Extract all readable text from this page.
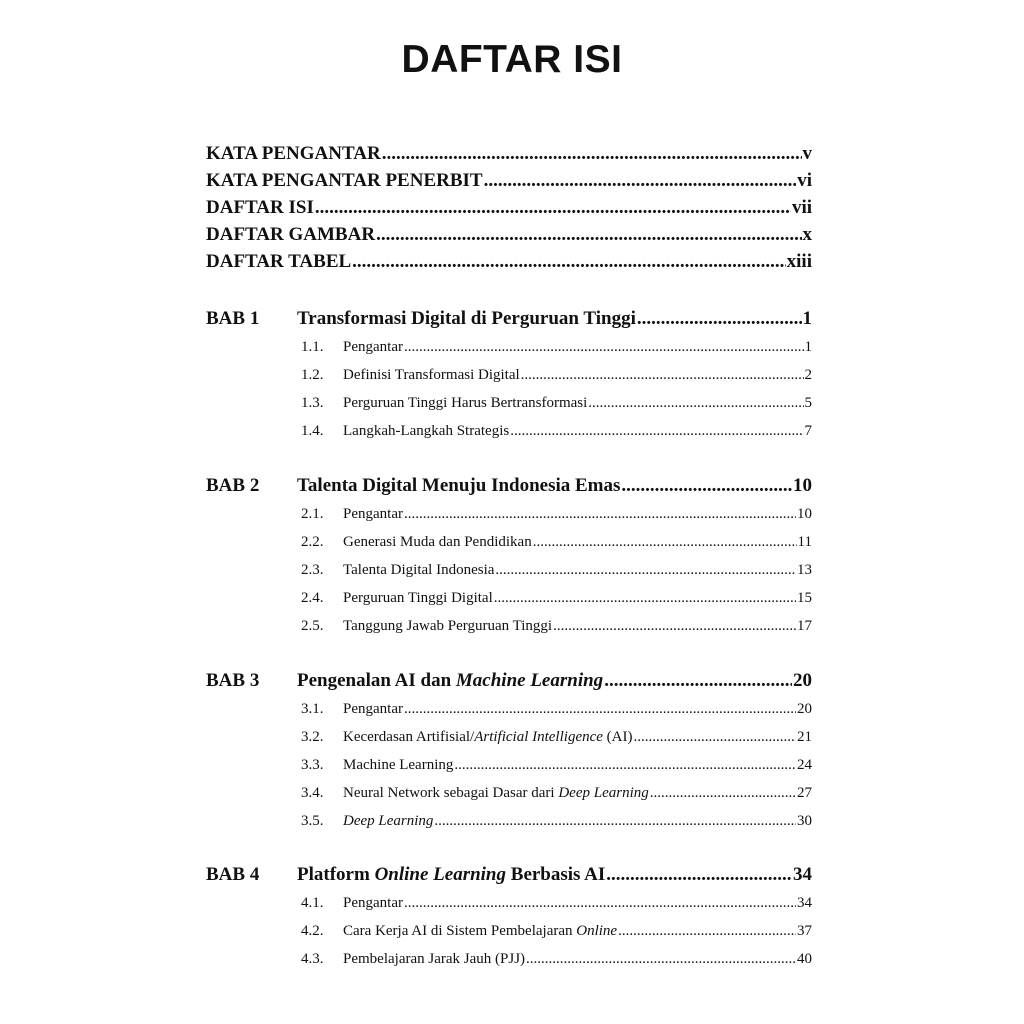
DAFTAR ISI
KATA PENGANTAR .....	v
KATA PENGANTAR PENERBIT .....	vi
DAFTAR ISI .....	vii
DAFTAR GAMBAR .....	x
DAFTAR TABEL .....	xiii
BAB 1 Transformasi Digital di Perguruan Tinggi .....	1
1.1. Pengantar .....	1
1.2. Definisi Transformasi Digital .....	2
1.3. Perguruan Tinggi Harus Bertransformasi .....	5
1.4. Langkah-Langkah Strategis .....	7
BAB 2 Talenta Digital Menuju Indonesia Emas .....	10
2.1. Pengantar .....	10
2.2. Generasi Muda dan Pendidikan .....	11
2.3. Talenta Digital Indonesia .....	13
2.4. Perguruan Tinggi Digital .....	15
2.5. Tanggung Jawab Perguruan Tinggi .....	17
BAB 3 Pengenalan AI dan Machine Learning .....	20
3.1. Pengantar .....	20
3.2. Kecerdasan Artifisial/Artificial Intelligence (AI) .....	21
3.3. Machine Learning .....	24
3.4. Neural Network sebagai Dasar dari Deep Learning .....	27
3.5. Deep Learning .....	30
BAB 4 Platform Online Learning Berbasis AI .....	34
4.1. Pengantar .....	34
4.2. Cara Kerja AI di Sistem Pembelajaran Online .....	37
4.3. Pembelajaran Jarak Jauh (PJJ) .....	40
